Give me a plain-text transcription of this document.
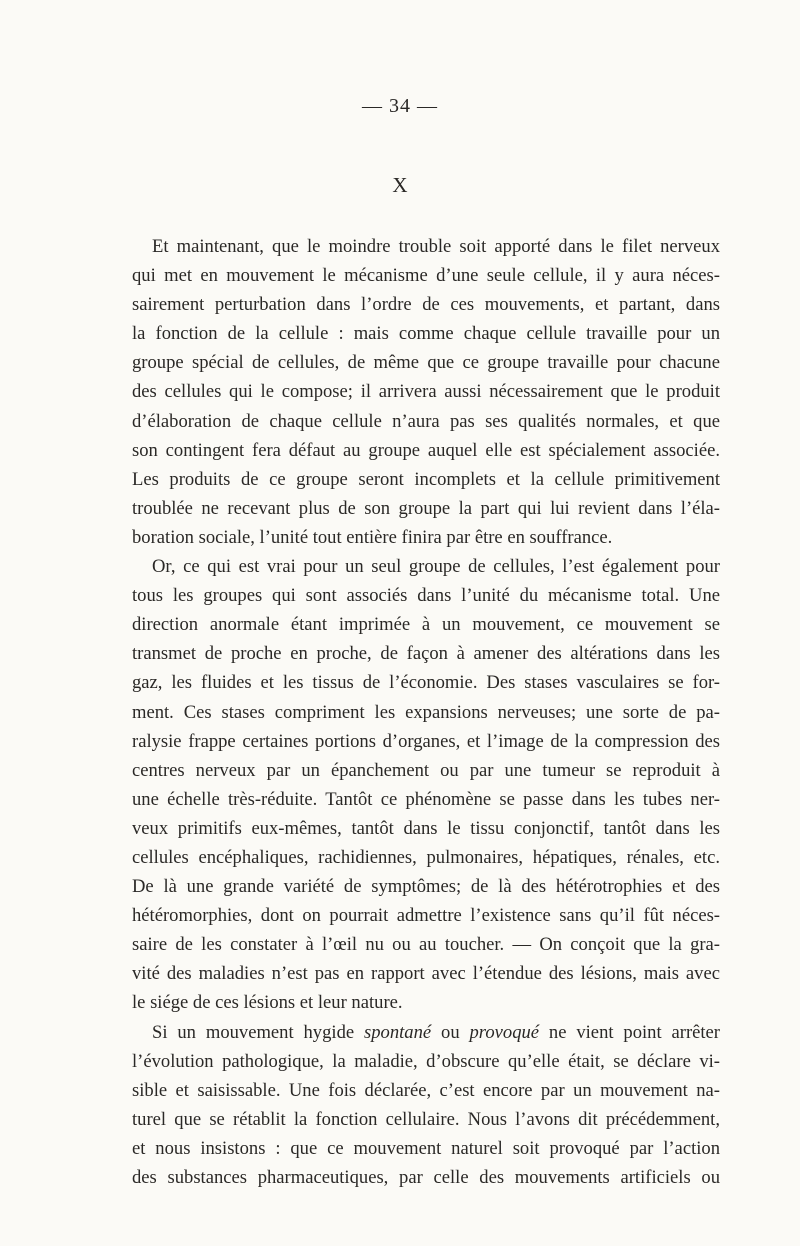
— 34 —
X
Et maintenant, que le moindre trouble soit apporté dans le filet nerveux
qui met en mouvement le mécanisme d’une seule cellule, il y aura néces-
sairement perturbation dans l’ordre de ces mouvements, et partant, dans
la fonction de la cellule : mais comme chaque cellule travaille pour un
groupe spécial de cellules, de même que ce groupe travaille pour chacune
des cellules qui le compose; il arrivera aussi nécessairement que le produit
d’élaboration de chaque cellule n’aura pas ses qualités normales, et que
son contingent fera défaut au groupe auquel elle est spécialement associée.
Les produits de ce groupe seront incomplets et la cellule primitivement
troublée ne recevant plus de son groupe la part qui lui revient dans l’éla-
boration sociale, l’unité tout entière finira par être en souffrance.
Or, ce qui est vrai pour un seul groupe de cellules, l’est également pour
tous les groupes qui sont associés dans l’unité du mécanisme total. Une
direction anormale étant imprimée à un mouvement, ce mouvement se
transmet de proche en proche, de façon à amener des altérations dans les
gaz, les fluides et les tissus de l’économie. Des stases vasculaires se for-
ment. Ces stases compriment les expansions nerveuses; une sorte de pa-
ralysie frappe certaines portions d’organes, et l’image de la compression des
centres nerveux par un épanchement ou par une tumeur se reproduit à
une échelle très-réduite. Tantôt ce phénomène se passe dans les tubes ner-
veux primitifs eux-mêmes, tantôt dans le tissu conjonctif, tantôt dans les
cellules encéphaliques, rachidiennes, pulmonaires, hépatiques, rénales, etc.
De là une grande variété de symptômes; de là des hétérotrophies et des
hétéromorphies, dont on pourrait admettre l’existence sans qu’il fût néces-
saire de les constater à l’œil nu ou au toucher. — On conçoit que la gra-
vité des maladies n’est pas en rapport avec l’étendue des lésions, mais avec
le siége de ces lésions et leur nature.
Si un mouvement hygide spontané ou provoqué ne vient point arrêter
l’évolution pathologique, la maladie, d’obscure qu’elle était, se déclare vi-
sible et saisissable. Une fois déclarée, c’est encore par un mouvement na-
turel que se rétablit la fonction cellulaire. Nous l’avons dit précédemment,
et nous insistons : que ce mouvement naturel soit provoqué par l’action
des substances pharmaceutiques, par celle des mouvements artificiels ou
